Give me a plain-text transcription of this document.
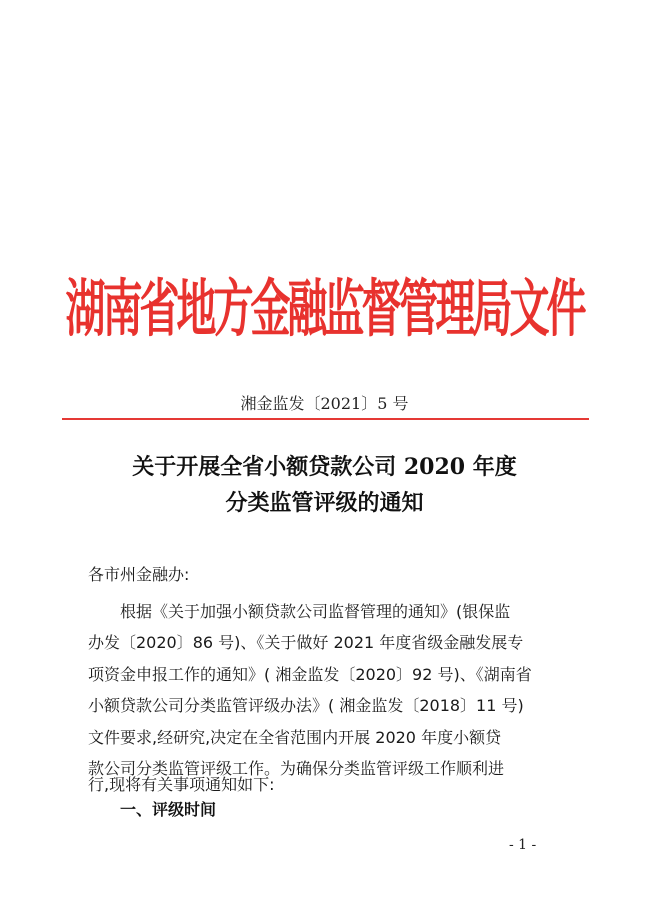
湖南省地方金融监督管理局文件
湘金监发〔2021〕5 号
关于开展全省小额贷款公司 2020 年度
分类监管评级的通知
各市州金融办:
根据《关于加强小额贷款公司监督管理的通知》(银保监
办发〔2020〕86 号)、《关于做好 2021 年度省级金融发展专
项资金申报工作的通知》( 湘金监发〔2020〕92 号)、《湖南省
小额贷款公司分类监管评级办法》( 湘金监发〔2018〕11 号)
文件要求,经研究,决定在全省范围内开展 2020 年度小额贷
款公司分类监管评级工作。为确保分类监管评级工作顺利进
行,现将有关事项通知如下:
一、评级时间
- 1 -
